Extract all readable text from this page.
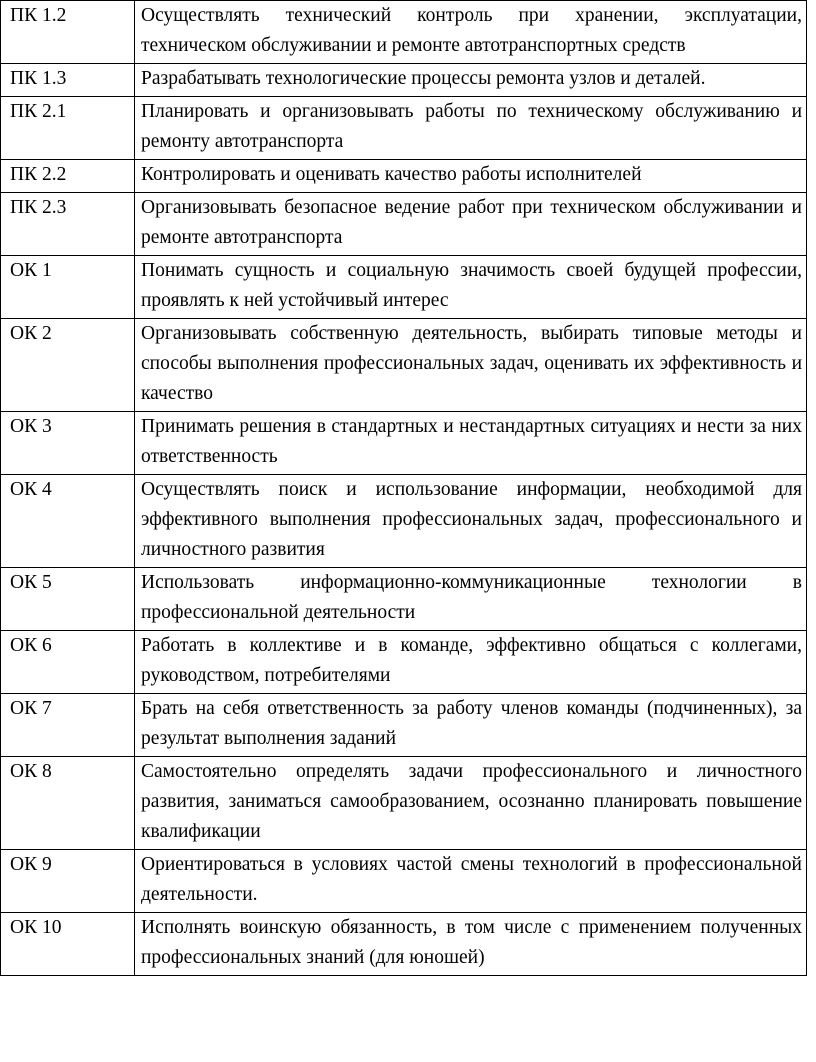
ПК 1.2	Осуществлять технический контроль при хранении, эксплуатации, техническом обслуживании и ремонте автотранспортных средств
ПК 1.3	Разрабатывать технологические процессы ремонта узлов и деталей.
ПК 2.1	Планировать и организовывать работы по техническому обслуживанию и ремонту автотранспорта
ПК 2.2	Контролировать и оценивать качество работы исполнителей
ПК 2.3	Организовывать безопасное ведение работ при техническом обслуживании и ремонте автотранспорта
ОК 1	Понимать сущность и социальную значимость своей будущей профессии, проявлять к ней устойчивый интерес
ОК 2	Организовывать собственную деятельность, выбирать типовые методы и способы выполнения профессиональных задач, оценивать их эффективность и качество
ОК 3	Принимать решения в стандартных и нестандартных ситуациях и нести за них ответственность
ОК 4	Осуществлять поиск и использование информации, необходимой для эффективного выполнения профессиональных задач, профессионального и личностного развития
ОК 5	Использовать информационно-коммуникационные технологии в профессиональной деятельности
ОК 6	Работать в коллективе и в команде, эффективно общаться с коллегами, руководством, потребителями
ОК 7	Брать на себя ответственность за работу членов команды (подчиненных), за результат выполнения заданий
ОК 8	Самостоятельно определять задачи профессионального и личностного развития, заниматься самообразованием, осознанно планировать повышение квалификации
ОК 9	Ориентироваться в условиях частой смены технологий в профессиональной деятельности.
ОК 10	Исполнять воинскую обязанность, в том числе с применением полученных профессиональных знаний (для юношей)
